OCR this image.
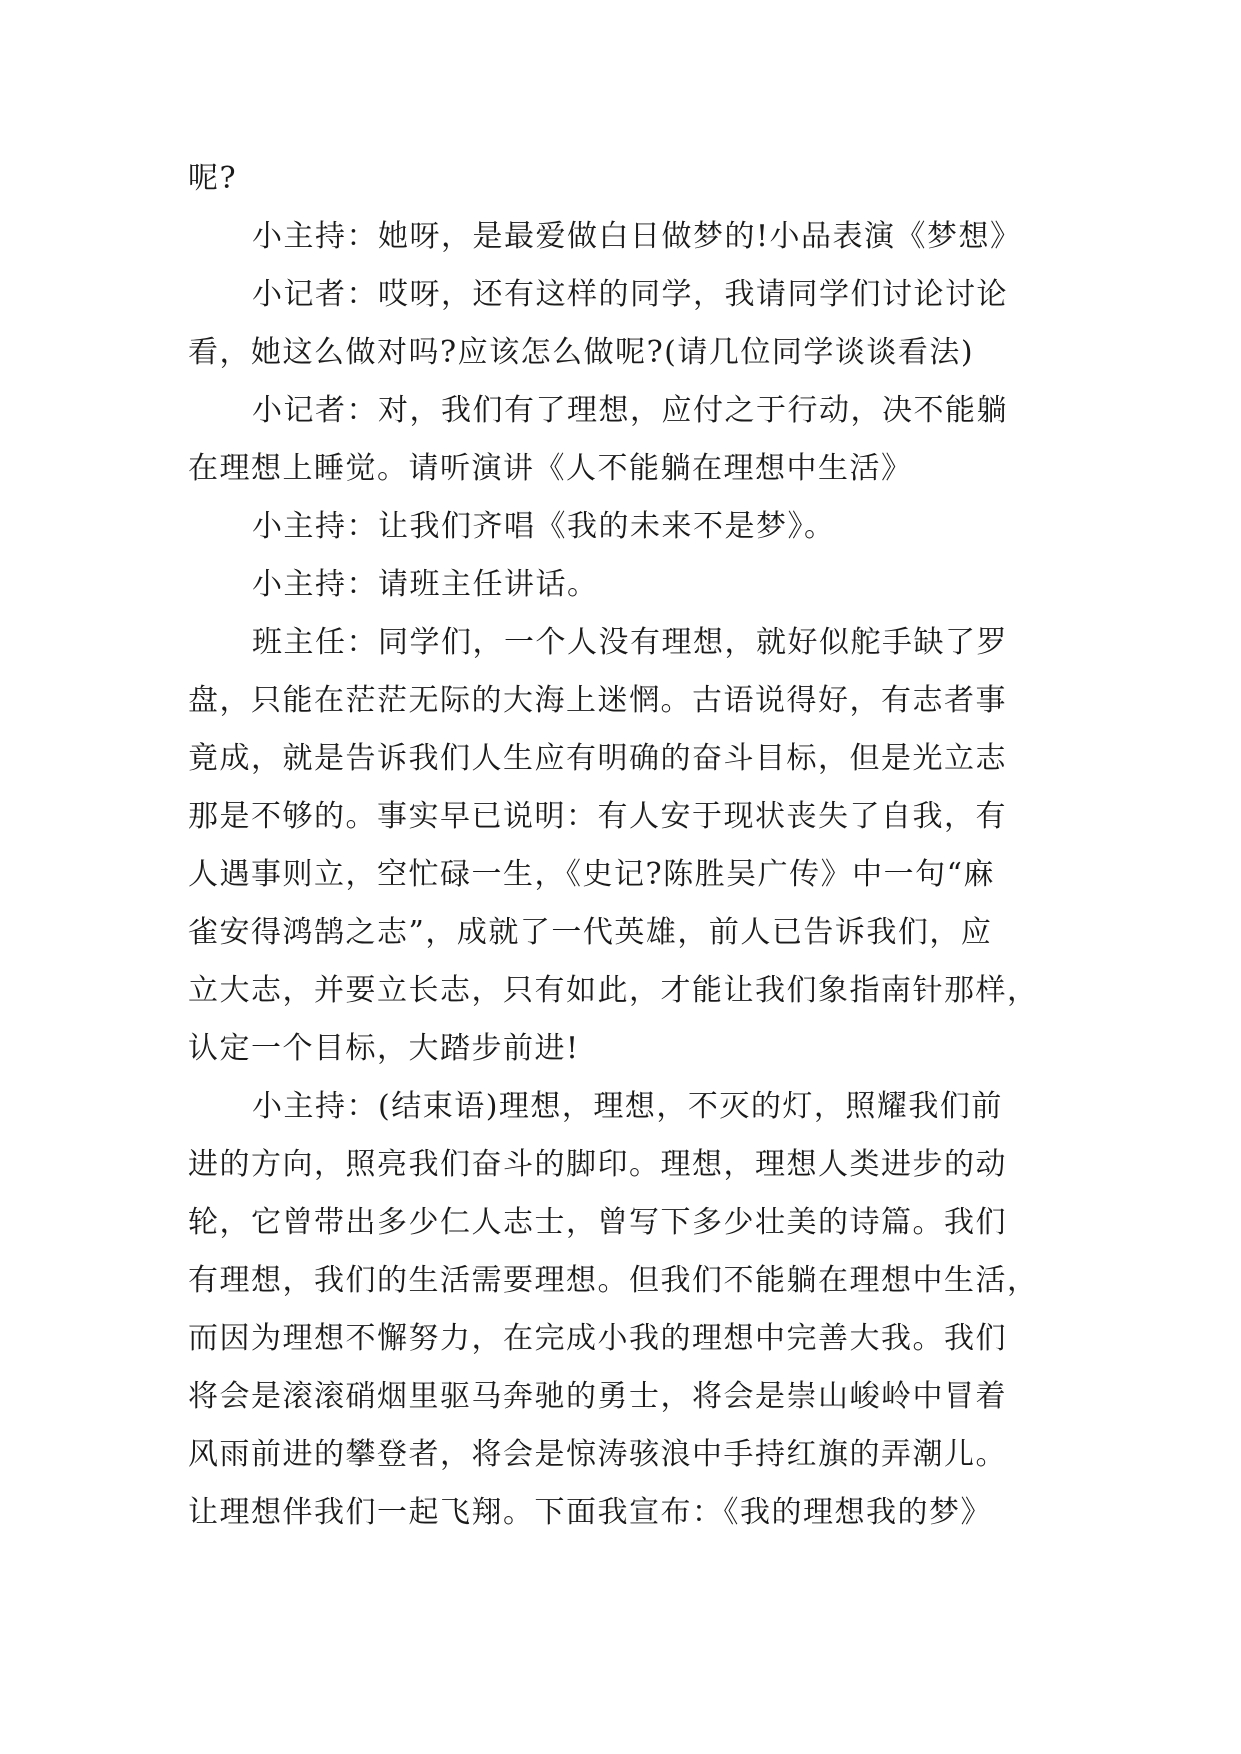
呢?
小主持：她呀，是最爱做白日做梦的!小品表演《梦想》
小记者：哎呀，还有这样的同学，我请同学们讨论讨论
看，她这么做对吗?应该怎么做呢?(请几位同学谈谈看法)
小记者：对，我们有了理想，应付之于行动，决不能躺
在理想上睡觉。请听演讲《人不能躺在理想中生活》
小主持：让我们齐唱《我的未来不是梦》。
小主持：请班主任讲话。
班主任：同学们，一个人没有理想，就好似舵手缺了罗
盘，只能在茫茫无际的大海上迷惘。古语说得好，有志者事
竟成，就是告诉我们人生应有明确的奋斗目标，但是光立志
那是不够的。事实早已说明：有人安于现状丧失了自我，有
人遇事则立，空忙碌一生，《史记?陈胜吴广传》中一句“麻
雀安得鸿鹄之志”，成就了一代英雄，前人已告诉我们，应
立大志，并要立长志，只有如此，才能让我们象指南针那样，
认定一个目标，大踏步前进!
小主持：(结束语)理想，理想，不灭的灯，照耀我们前
进的方向，照亮我们奋斗的脚印。理想，理想人类进步的动
轮，它曾带出多少仁人志士，曾写下多少壮美的诗篇。我们
有理想，我们的生活需要理想。但我们不能躺在理想中生活，
而因为理想不懈努力，在完成小我的理想中完善大我。我们
将会是滚滚硝烟里驱马奔驰的勇士，将会是崇山峻岭中冒着
风雨前进的攀登者，将会是惊涛骇浪中手持红旗的弄潮儿。
让理想伴我们一起飞翔。下面我宣布：《我的理想我的梦》
